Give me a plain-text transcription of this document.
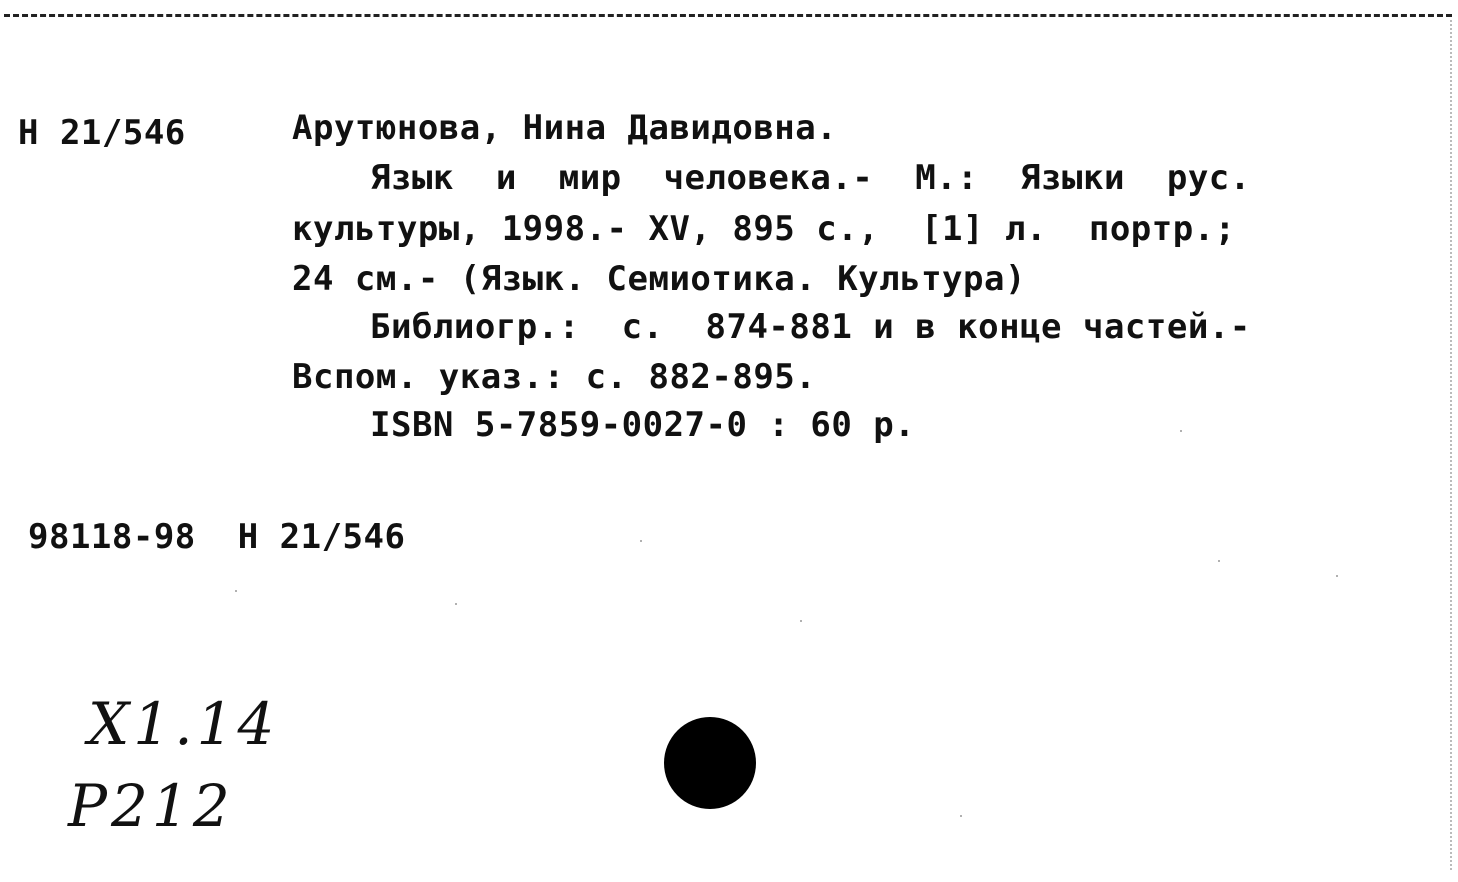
Н 21/546	Арутюнова, Нина Давидовна.
Язык  и  мир  человека.-  М.:  Языки  рус.
культуры, 1998.- XV, 895 с.,  [1] л.  портр.;
24 см.- (Язык. Семиотика. Культура)
Библиогр.:  с.  874-881 и в конце частей.-
Вспом. указ.: с. 882-895.
ISBN 5-7859-0027-0 : 60 р.
98118-98  Н 21/546
X1.14
P212
